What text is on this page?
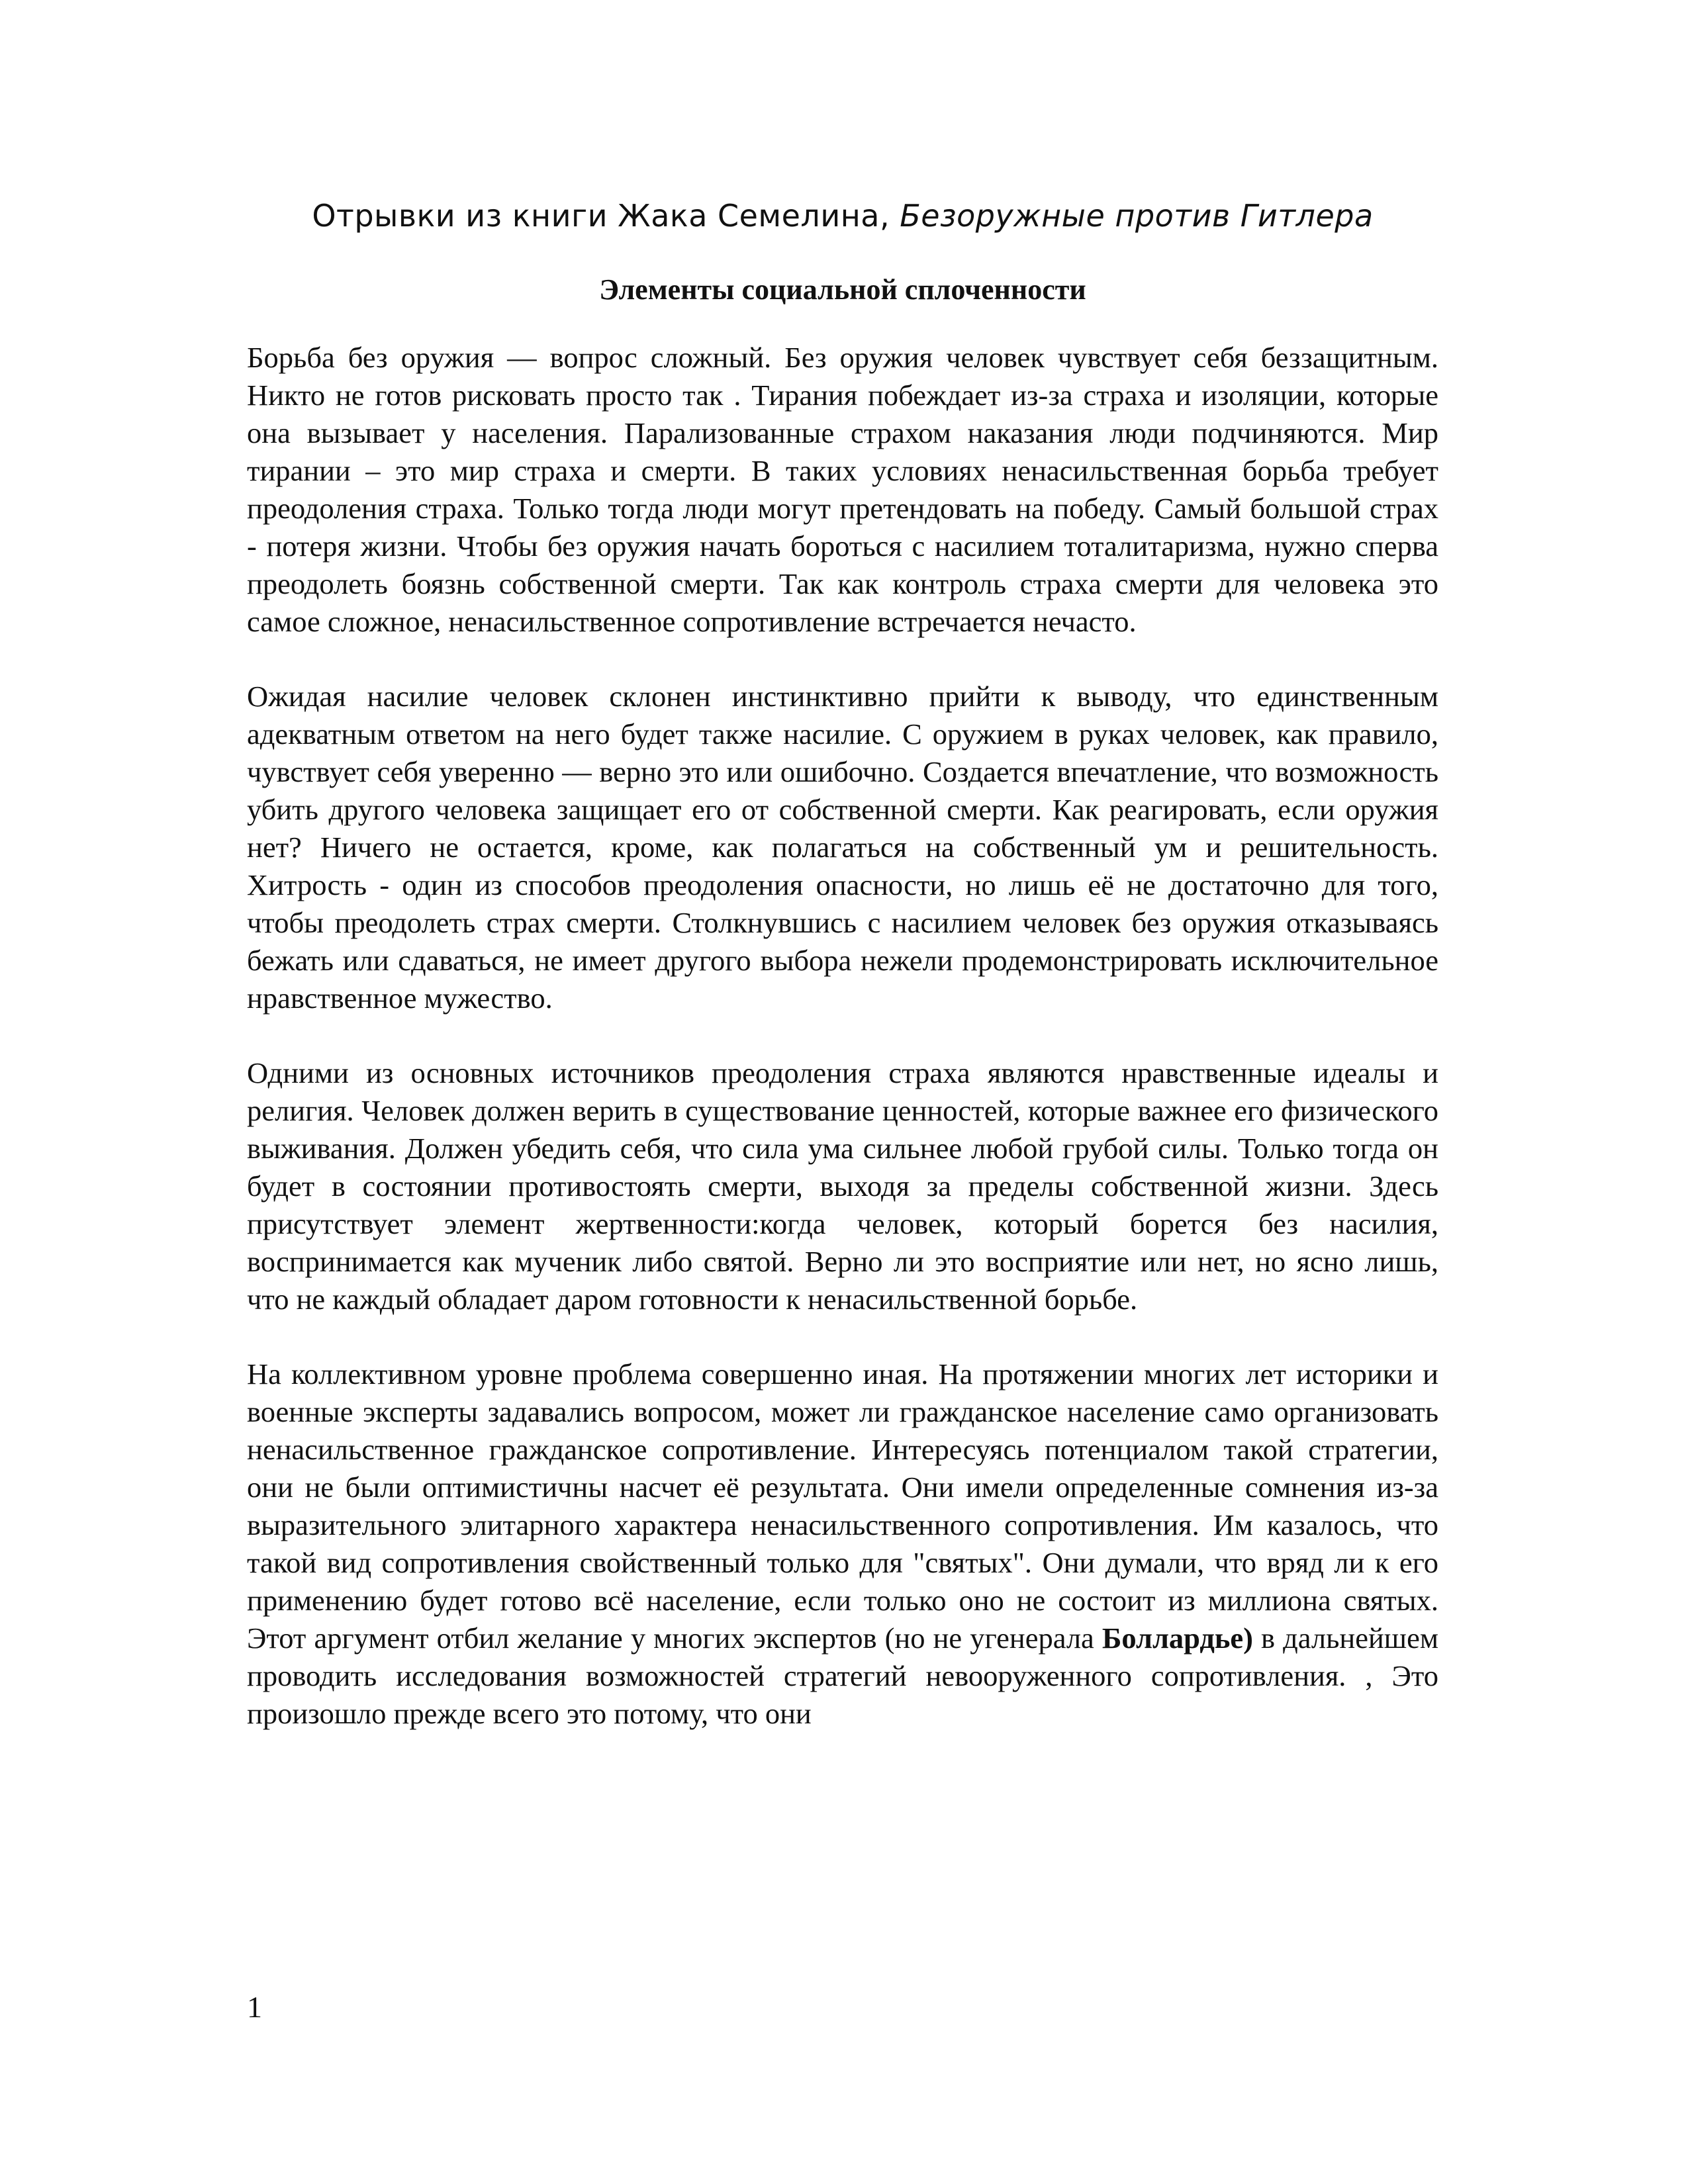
Отрывки из книги Жака Семелина, Безоружные против Гитлера
Элементы социальной сплоченности

Борьба без оружия — вопрос сложный. Без оружия человек чувствует себя беззащитным. Никто не готов рисковать просто так . Тирания побеждает из-за страха и изоляции, которые она вызывает у населения. Парализованные страхом наказания люди подчиняются. Мир тирании – это мир страха и смерти. В таких условиях ненасильственная борьба требует преодоления страха. Только тогда люди могут претендовать на победу. Самый большой страх - потеря жизни. Чтобы без оружия начать бороться с насилием тоталитаризма, нужно сперва преодолеть боязнь собственной смерти. Так как контроль страха смерти для человека это самое сложное, ненасильственное сопротивление встречается нечасто.

Ожидая насилие человек склонен инстинктивно прийти к выводу, что единственным адекватным ответом на него будет также насилие. С оружием в руках человек, как правило, чувствует себя уверенно — верно это или ошибочно. Создается впечатление, что возможность убить другого человека защищает его от собственной смерти. Как реагировать, если оружия нет? Ничего не остается, кроме, как полагаться на собственный ум и решительность. Хитрость - один из способов преодоления опасности, но лишь её не достаточно для того, чтобы преодолеть страх смерти. Столкнувшись с насилием человек без оружия отказываясь бежать или сдаваться, не имеет другого выбора нежели продемонстрировать исключительное нравственное мужество.

Одними из основных источников преодоления страха являются нравственные идеалы и религия. Человек должен верить в существование ценностей, которые важнее его физического выживания. Должен убедить себя, что сила ума сильнее любой грубой силы. Только тогда он будет в состоянии противостоять смерти, выходя за пределы собственной жизни. Здесь присутствует элемент жертвенности:когда человек, который борется без насилия, воспринимается как мученик либо святой. Верно ли это восприятие или нет, но ясно лишь, что не каждый обладает даром готовности к ненасильственной борьбе.

На коллективном уровне проблема совершенно иная. На протяжении многих лет историки и военные эксперты задавались вопросом, может ли гражданское население само организовать ненасильственное гражданское сопротивление. Интересуясь потенциалом такой стратегии, они не были оптимистичны насчет её результата. Они имели определенные сомнения из-за выразительного элитарного характера ненасильственного сопротивления. Им казалось, что такой вид сопротивления свойственный только для "святых". Они думали, что вряд ли к его применению будет готово всё население, если только оно не состоит из миллиона святых. Этот аргумент отбил желание у многих экспертов (но не угенерала Боллардье) в дальнейшем проводить исследования возможностей стратегий невооруженного сопротивления. , Это произошло прежде всего это потому, что они

1
